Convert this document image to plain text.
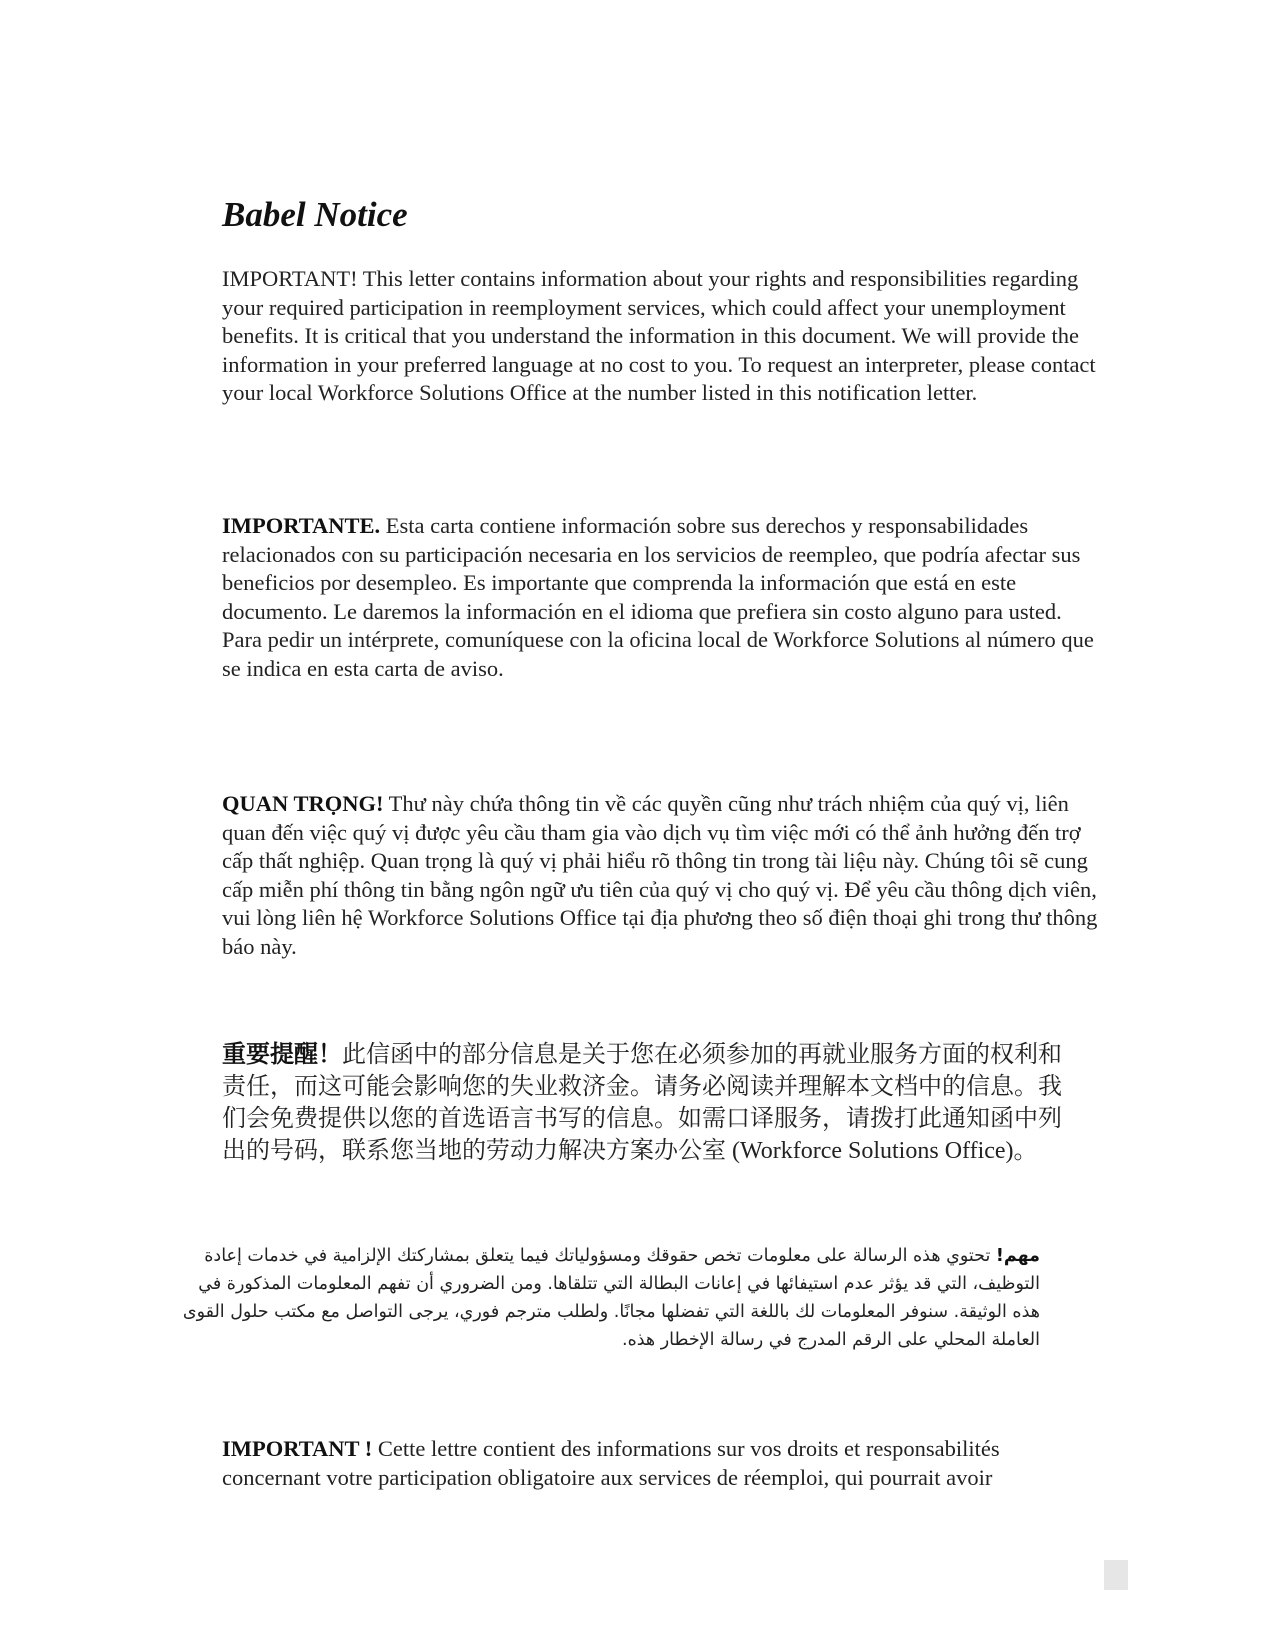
Babel Notice

IMPORTANT! This letter contains information about your rights and responsibilities regarding your required participation in reemployment services, which could affect your unemployment benefits. It is critical that you understand the information in this document. We will provide the information in your preferred language at no cost to you. To request an interpreter, please contact your local Workforce Solutions Office at the number listed in this notification letter.

IMPORTANTE. Esta carta contiene información sobre sus derechos y responsabilidades relacionados con su participación necesaria en los servicios de reempleo, que podría afectar sus beneficios por desempleo. Es importante que comprenda la información que está en este documento. Le daremos la información en el idioma que prefiera sin costo alguno para usted. Para pedir un intérprete, comuníquese con la oficina local de Workforce Solutions al número que se indica en esta carta de aviso.

QUAN TRỌNG! Thư này chứa thông tin về các quyền cũng như trách nhiệm của quý vị, liên quan đến việc quý vị được yêu cầu tham gia vào dịch vụ tìm việc mới có thể ảnh hưởng đến trợ cấp thất nghiệp. Quan trọng là quý vị phải hiểu rõ thông tin trong tài liệu này. Chúng tôi sẽ cung cấp miễn phí thông tin bằng ngôn ngữ ưu tiên của quý vị cho quý vị. Để yêu cầu thông dịch viên, vui lòng liên hệ Workforce Solutions Office tại địa phương theo số điện thoại ghi trong thư thông báo này.

重要提醒！此信函中的部分信息是关于您在必须参加的再就业服务方面的权利和责任，而这可能会影响您的失业救济金。请务必阅读并理解本文档中的信息。我们会免费提供以您的首选语言书写的信息。如需口译服务，请拨打此通知函中列出的号码，联系您当地的劳动力解决方案办公室 (Workforce Solutions Office)。

مهم! تحتوي هذه الرسالة على معلومات تخص حقوقك ومسؤولياتك فيما يتعلق بمشاركتك الإلزامية في خدمات إعادة التوظيف، التي قد يؤثر عدم استيفائها في إعانات البطالة التي تتلقاها. ومن الضروري أن تفهم المعلومات المذكورة في هذه الوثيقة. سنوفر المعلومات لك باللغة التي تفضلها مجانًا. ولطلب مترجم فوري، يرجى التواصل مع مكتب حلول القوى العاملة المحلي على الرقم المدرج في رسالة الإخطار هذه.

IMPORTANT ! Cette lettre contient des informations sur vos droits et responsabilités concernant votre participation obligatoire aux services de réemploi, qui pourrait avoir
